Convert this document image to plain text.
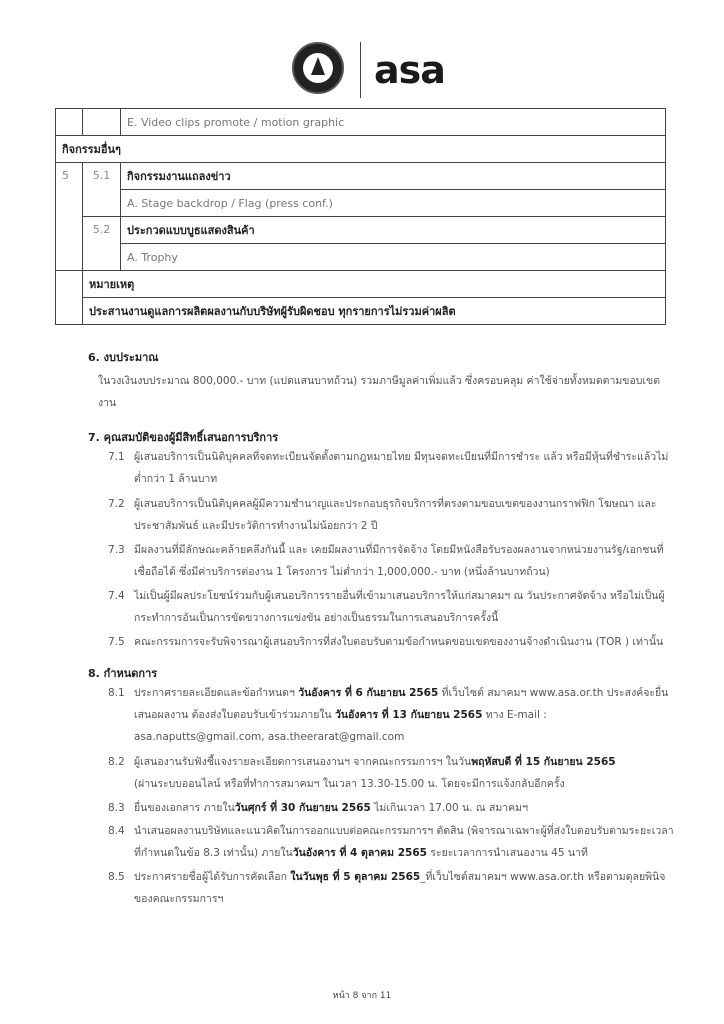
asa
		E. Video clips promote / motion graphic
กิจกรรมอื่นๆ		
5	5.1	กิจกรรมงานแถลงข่าว
		A. Stage backdrop / Flag (press conf.)
	5.2	ประกวดแบบบูธแสดงสินค้า
		A. Trophy
	หมายเหตุ	
	ประสานงานดูแลการผลิตผลงานกับบริษัทผู้รับผิดชอบ ทุกรายการไม่รวมค่าผลิต	
6. งบประมาณ
ในวงเงินงบประมาณ 800,000.- บาท (แปดแสนบาทถ้วน) รวมภาษีมูลค่าเพิ่มแล้ว ซึ่งครอบคลุม ค่าใช้จ่ายทั้งหมดตามขอบเขต
งาน
7. คุณสมบัติของผู้มีสิทธิ์เสนอการบริการ
7.1 ผู้เสนอบริการเป็นนิติบุคคลที่จดทะเบียนจัดตั้งตามกฎหมายไทย มีทุนจดทะเบียนที่มีการชำระ แล้ว หรือมีหุ้นที่ชำระแล้วไม่ต่ำกว่า 1 ล้านบาท
7.2 ผู้เสนอบริการเป็นนิติบุคคลผู้มีความชำนาญและประกอบธุรกิจบริการที่ตรงตามขอบเขตของงานกราฟฟิก โฆษณา และประชาสัมพันธ์ และมีประวัติการทำงานไม่น้อยกว่า 2 ปี
7.3 มีผลงานที่มีลักษณะคล้ายคลึงกันนี้ และ เคยมีผลงานที่มีการจัดจ้าง โดยมีหนังสือรับรองผลงานจากหน่วยงานรัฐ/เอกชนที่เชื่อถือได้ ซึ่งมีค่าบริการต่องาน 1 โครงการ ไม่ต่ำกว่า 1,000,000.- บาท (หนึ่งล้านบาทถ้วน)
7.4 ไม่เป็นผู้มีผลประโยชน์ร่วมกับผู้เสนอบริการรายอื่นที่เข้ามาเสนอบริการให้แก่สมาคมฯ ณ วันประกาศจัดจ้าง หรือไม่เป็นผู้กระทำการอันเป็นการขัดขวางการแข่งขัน อย่างเป็นธรรมในการเสนอบริการครั้งนี้
7.5 คณะกรรมการจะรับพิจารณาผู้เสนอบริการที่ส่งใบตอบรับตามข้อกำหนดขอบเขตของงานจ้างดำเนินงาน (TOR ) เท่านั้น
8. กำหนดการ
8.1 ประกาศรายละเอียดและข้อกำหนดฯ วันอังคาร ที่ 6 กันยายน 2565 ที่เว็บไซต์ สมาคมฯ www.asa.or.th ประสงค์จะยื่นเสนอผลงาน ต้องส่งใบตอบรับเข้าร่วมภายใน วันอังคาร ที่ 13 กันยายน 2565 ทาง E-mail :
asa.naputts@gmail.com, asa.theerarat@gmail.com
8.2 ผู้เสนองานรับฟังชี้แจงรายละเอียดการเสนองานฯ จากคณะกรรมการฯ ในวันพฤหัสบดี ที่ 15 กันยายน 2565
(ผ่านระบบออนไลน์ หรือที่ทำการสมาคมฯ ในเวลา 13.30-15.00 น. โดยจะมีการแจ้งกลับอีกครั้ง
8.3 ยื่นของเอกสาร ภายในวันศุกร์ ที่ 30 กันยายน 2565 ไม่เกินเวลา 17.00 น. ณ สมาคมฯ
8.4 นำเสนอผลงานบริษัทและแนวคิดในการออกแบบต่อคณะกรรมการฯ ตัดสิน (พิจารณาเฉพาะผู้ที่ส่งใบตอบรับตามระยะเวลาที่กำหนดในข้อ 8.3 เท่านั้น) ภายในวันอังคาร ที่ 4 ตุลาคม 2565 ระยะเวลาการนำเสนองาน 45 นาที
8.5 ประกาศรายชื่อผู้ได้รับการคัดเลือก ในวันพุธ ที่ 5 ตุลาคม 2565_ที่เว็บไซต์สมาคมฯ www.asa.or.th หรือตามดุลยพินิจของคณะกรรมการฯ
หน้า 8 จาก 11
